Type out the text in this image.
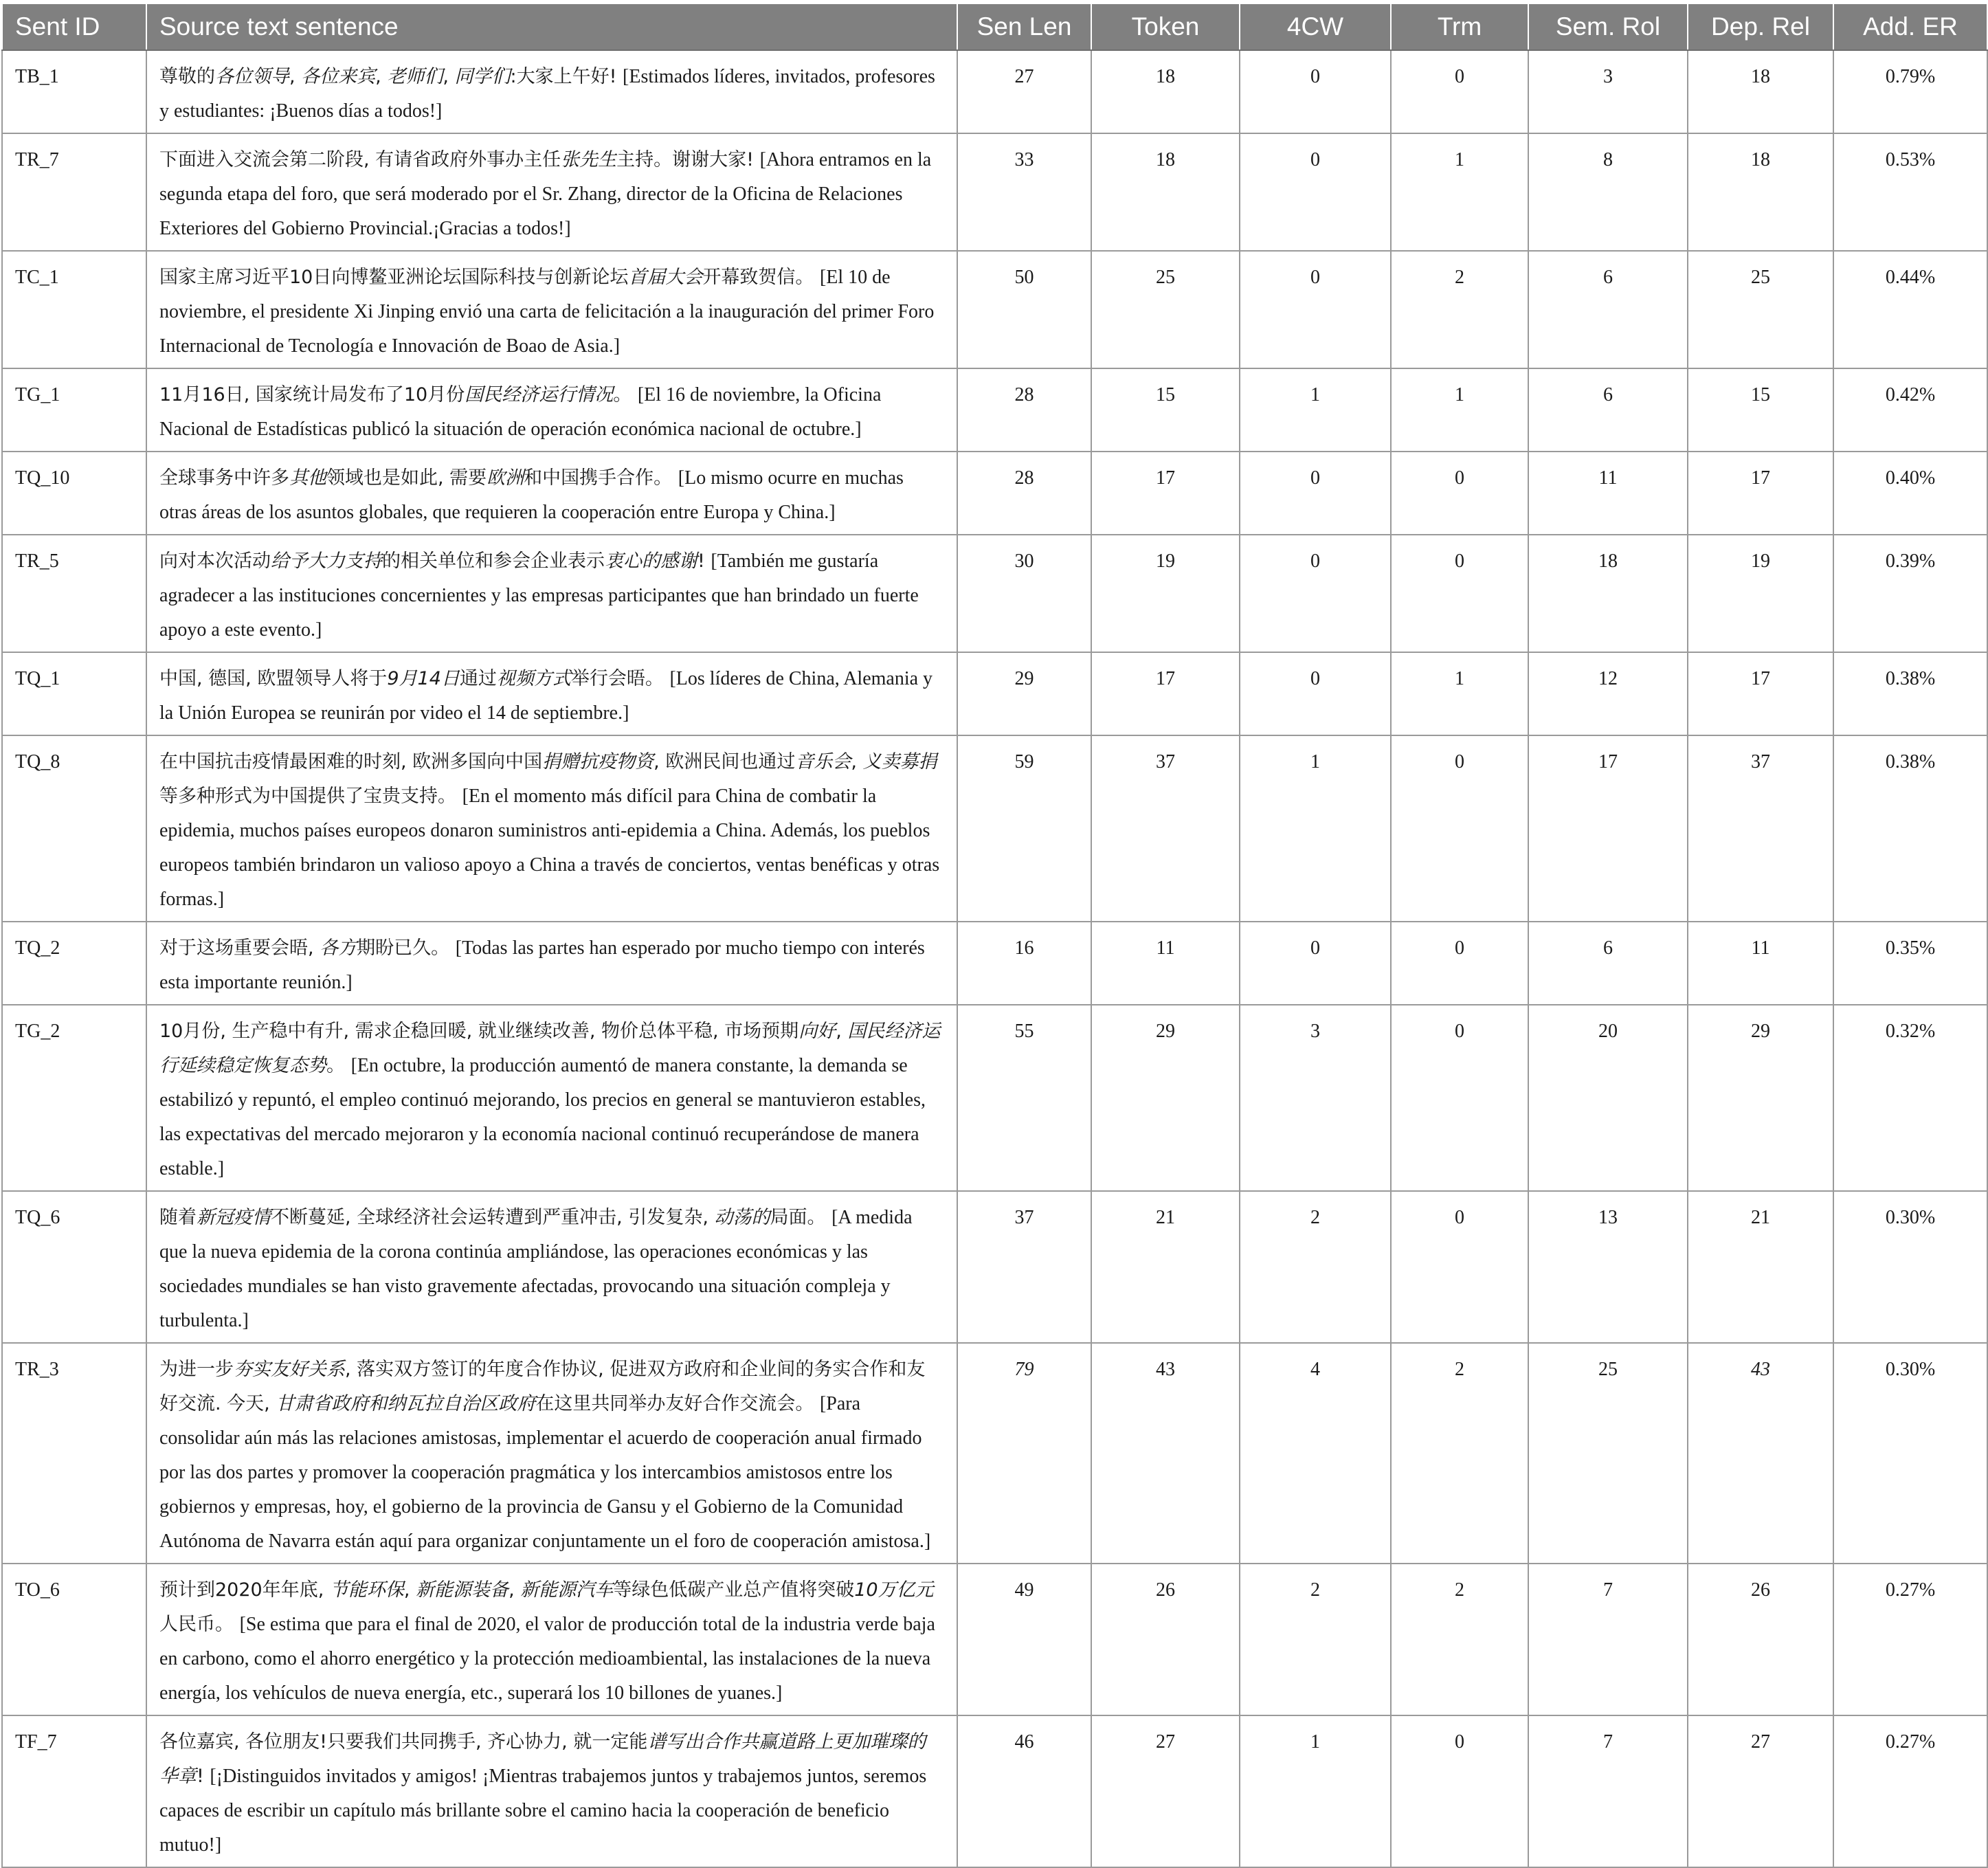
Sent ID	Source text sentence	Sen Len	Token	4CW	Trm	Sem. Rol	Dep. Rel	Add. ER
TB_1	尊敬的各位领导, 各位来宾, 老师们, 同学们:大家上午好! [Estimados líderes, invitados, profesores y estudiantes: ¡Buenos días a todos!]	27	18	0	0	3	18	0.79%
TR_7	下面进入交流会第二阶段, 有请省政府外事办主任张先生主持。谢谢大家! [Ahora entramos en la segunda etapa del foro, que será moderado por el Sr. Zhang, director de la Oficina de Relaciones Exteriores del Gobierno Provincial.¡Gracias a todos!]	33	18	0	1	8	18	0.53%
TC_1	国家主席习近平10日向博鳌亚洲论坛国际科技与创新论坛首届大会开幕致贺信。 [El 10 de noviembre, el presidente Xi Jinping envió una carta de felicitación a la inauguración del primer Foro Internacional de Tecnología e Innovación de Boao de Asia.]	50	25	0	2	6	25	0.44%
TG_1	11月16日, 国家统计局发布了10月份国民经济运行情况。 [El 16 de noviembre, la Oficina Nacional de Estadísticas publicó la situación de operación económica nacional de octubre.]	28	15	1	1	6	15	0.42%
TQ_10	全球事务中许多其他领域也是如此, 需要欧洲和中国携手合作。 [Lo mismo ocurre en muchas otras áreas de los asuntos globales, que requieren la cooperación entre Europa y China.]	28	17	0	0	11	17	0.40%
TR_5	向对本次活动给予大力支持的相关单位和参会企业表示衷心的感谢! [También me gustaría agradecer a las instituciones concernientes y las empresas participantes que han brindado un fuerte apoyo a este evento.]	30	19	0	0	18	19	0.39%
TQ_1	中国, 德国, 欧盟领导人将于9月14日通过视频方式举行会晤。 [Los líderes de China, Alemania y la Unión Europea se reunirán por video el 14 de septiembre.]	29	17	0	1	12	17	0.38%
TQ_8	在中国抗击疫情最困难的时刻, 欧洲多国向中国捐赠抗疫物资, 欧洲民间也通过音乐会, 义卖募捐等多种形式为中国提供了宝贵支持。 [En el momento más difícil para China de combatir la epidemia, muchos países europeos donaron suministros anti-epidemia a China. Además, los pueblos europeos también brindaron un valioso apoyo a China a través de conciertos, ventas benéficas y otras formas.]	59	37	1	0	17	37	0.38%
TQ_2	对于这场重要会晤, 各方期盼已久。 [Todas las partes han esperado por mucho tiempo con interés esta importante reunión.]	16	11	0	0	6	11	0.35%
TG_2	10月份, 生产稳中有升, 需求企稳回暖, 就业继续改善, 物价总体平稳, 市场预期向好, 国民经济运行延续稳定恢复态势。 [En octubre, la producción aumentó de manera constante, la demanda se estabilizó y repuntó, el empleo continuó mejorando, los precios en general se mantuvieron estables, las expectativas del mercado mejoraron y la economía nacional continuó recuperándose de manera estable.]	55	29	3	0	20	29	0.32%
TQ_6	随着新冠疫情不断蔓延, 全球经济社会运转遭到严重冲击, 引发复杂, 动荡的局面。 [A medida que la nueva epidemia de la corona continúa ampliándose, las operaciones económicas y las sociedades mundiales se han visto gravemente afectadas, provocando una situación compleja y turbulenta.]	37	21	2	0	13	21	0.30%
TR_3	为进一步夯实友好关系, 落实双方签订的年度合作协议, 促进双方政府和企业间的务实合作和友好交流. 今天, 甘肃省政府和纳瓦拉自治区政府在这里共同举办友好合作交流会。 [Para consolidar aún más las relaciones amistosas, implementar el acuerdo de cooperación anual firmado por las dos partes y promover la cooperación pragmática y los intercambios amistosos entre los gobiernos y empresas, hoy, el gobierno de la provincia de Gansu y el Gobierno de la Comunidad Autónoma de Navarra están aquí para organizar conjuntamente un el foro de cooperación amistosa.]	79	43	4	2	25	43	0.30%
TO_6	预计到2020年年底, 节能环保, 新能源装备, 新能源汽车等绿色低碳产业总产值将突破10万亿元人民币。 [Se estima que para el final de 2020, el valor de producción total de la industria verde baja en carbono, como el ahorro energético y la protección medioambiental, las instalaciones de la nueva energía, los vehículos de nueva energía, etc., superará los 10 billones de yuanes.]	49	26	2	2	7	26	0.27%
TF_7	各位嘉宾, 各位朋友!只要我们共同携手, 齐心协力, 就一定能谱写出合作共赢道路上更加璀璨的华章! [¡Distinguidos invitados y amigos! ¡Mientras trabajemos juntos y trabajemos juntos, seremos capaces de escribir un capítulo más brillante sobre el camino hacia la cooperación de beneficio mutuo!]	46	27	1	0	7	27	0.27%
